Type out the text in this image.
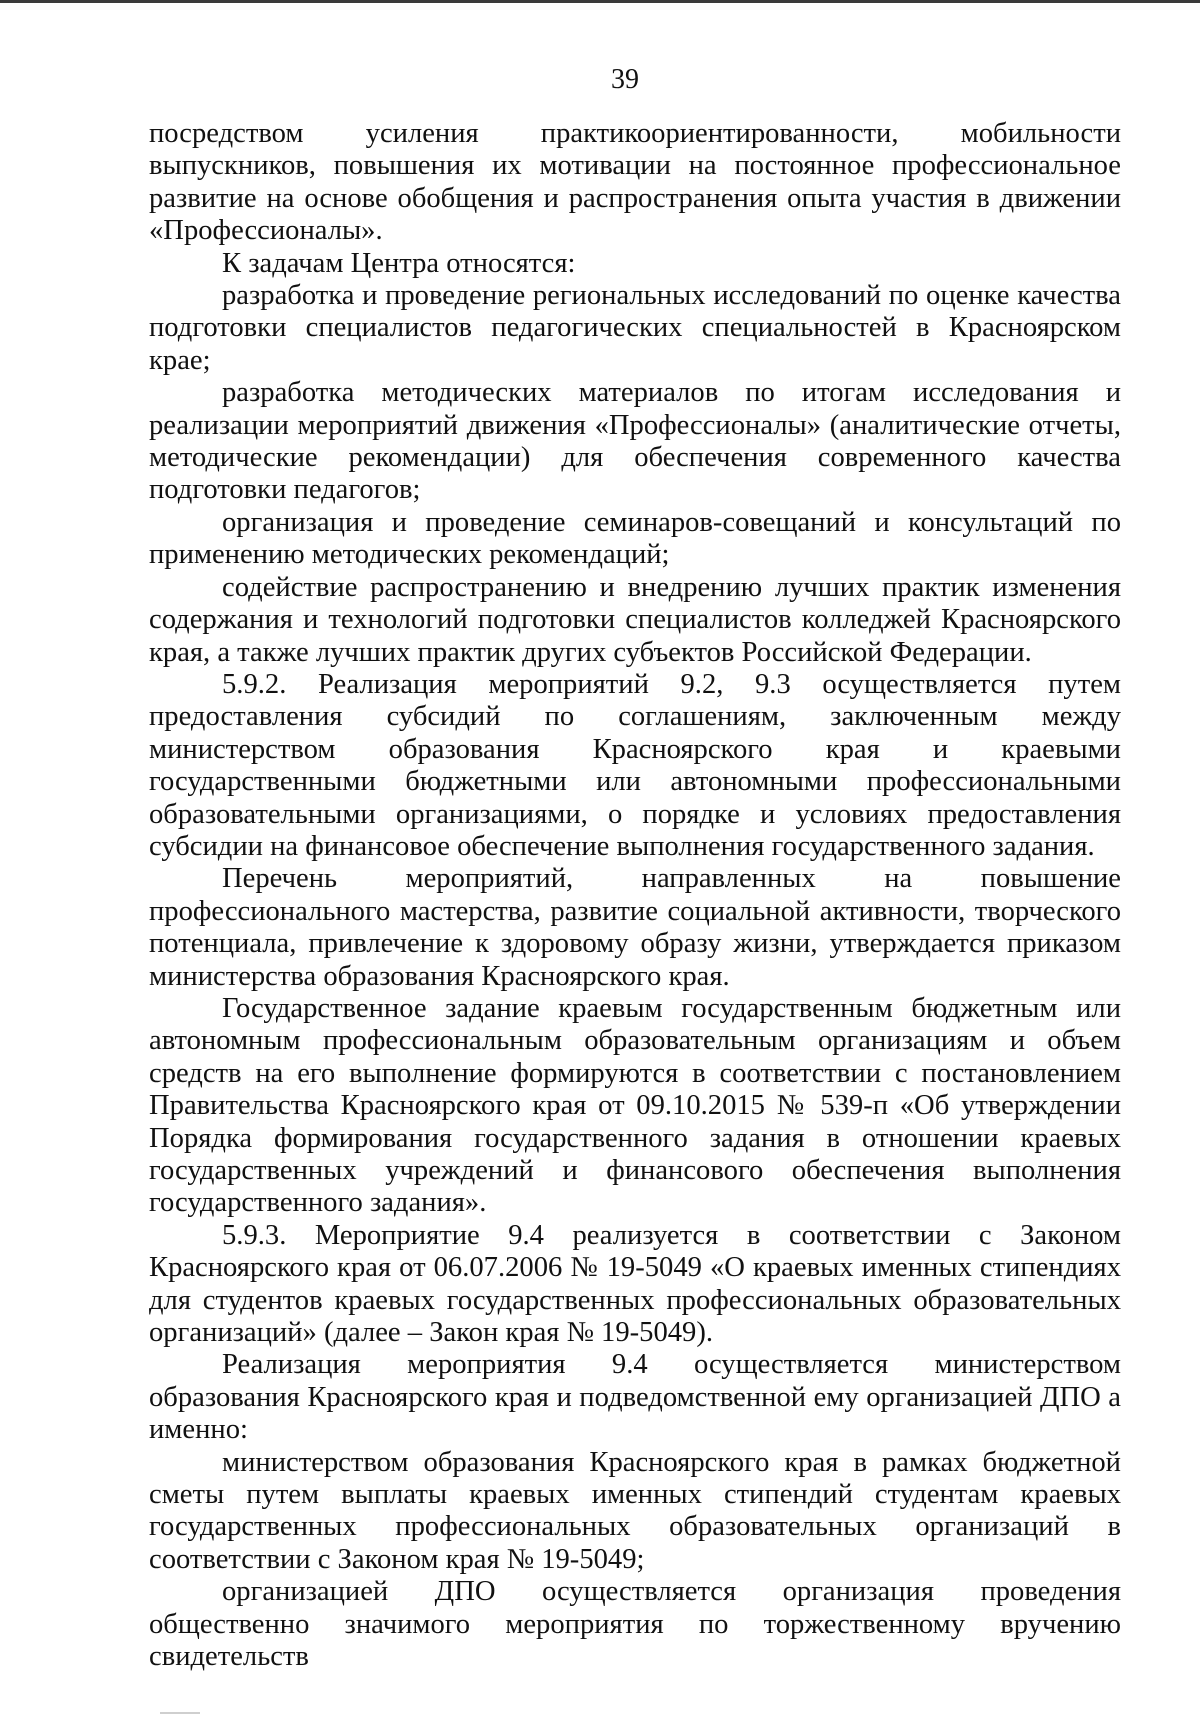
39

посредством усиления практикоориентированности, мобильности выпускников, повышения их мотивации на постоянное профессиональное развитие на основе обобщения и распространения опыта участия в движении «Профессионалы».

К задачам Центра относятся:

разработка и проведение региональных исследований по оценке качества подготовки специалистов педагогических специальностей в Красноярском крае;

разработка методических материалов по итогам исследования и реализации мероприятий движения «Профессионалы» (аналитические отчеты, методические рекомендации) для обеспечения современного качества подготовки педагогов;

организация и проведение семинаров-совещаний и консультаций по применению методических рекомендаций;

содействие распространению и внедрению лучших практик изменения содержания и технологий подготовки специалистов колледжей Красноярского края, а также лучших практик других субъектов Российской Федерации.

5.9.2. Реализация мероприятий 9.2, 9.3 осуществляется путем предоставления субсидий по соглашениям, заключенным между министерством образования Красноярского края и краевыми государственными бюджетными или автономными профессиональными образовательными организациями, о порядке и условиях предоставления субсидии на финансовое обеспечение выполнения государственного задания.

Перечень мероприятий, направленных на повышение профессионального мастерства, развитие социальной активности, творческого потенциала, привлечение к здоровому образу жизни, утверждается приказом министерства образования Красноярского края.

Государственное задание краевым государственным бюджетным или автономным профессиональным образовательным организациям и объем средств на его выполнение формируются в соответствии с постановлением Правительства Красноярского края от 09.10.2015 № 539-п «Об утверждении Порядка формирования государственного задания в отношении краевых государственных учреждений и финансового обеспечения выполнения государственного задания».

5.9.3. Мероприятие 9.4 реализуется в соответствии с Законом Красноярского края от 06.07.2006 № 19-5049 «О краевых именных стипендиях для студентов краевых государственных профессиональных образовательных организаций» (далее – Закон края № 19-5049).

Реализация мероприятия 9.4 осуществляется министерством образования Красноярского края и подведомственной ему организацией ДПО а именно:

министерством образования Красноярского края в рамках бюджетной сметы путем выплаты краевых именных стипендий студентам краевых государственных профессиональных образовательных организаций в соответствии с Законом края № 19-5049;

организацией ДПО осуществляется организация проведения общественно значимого мероприятия по торжественному вручению свидетельств
